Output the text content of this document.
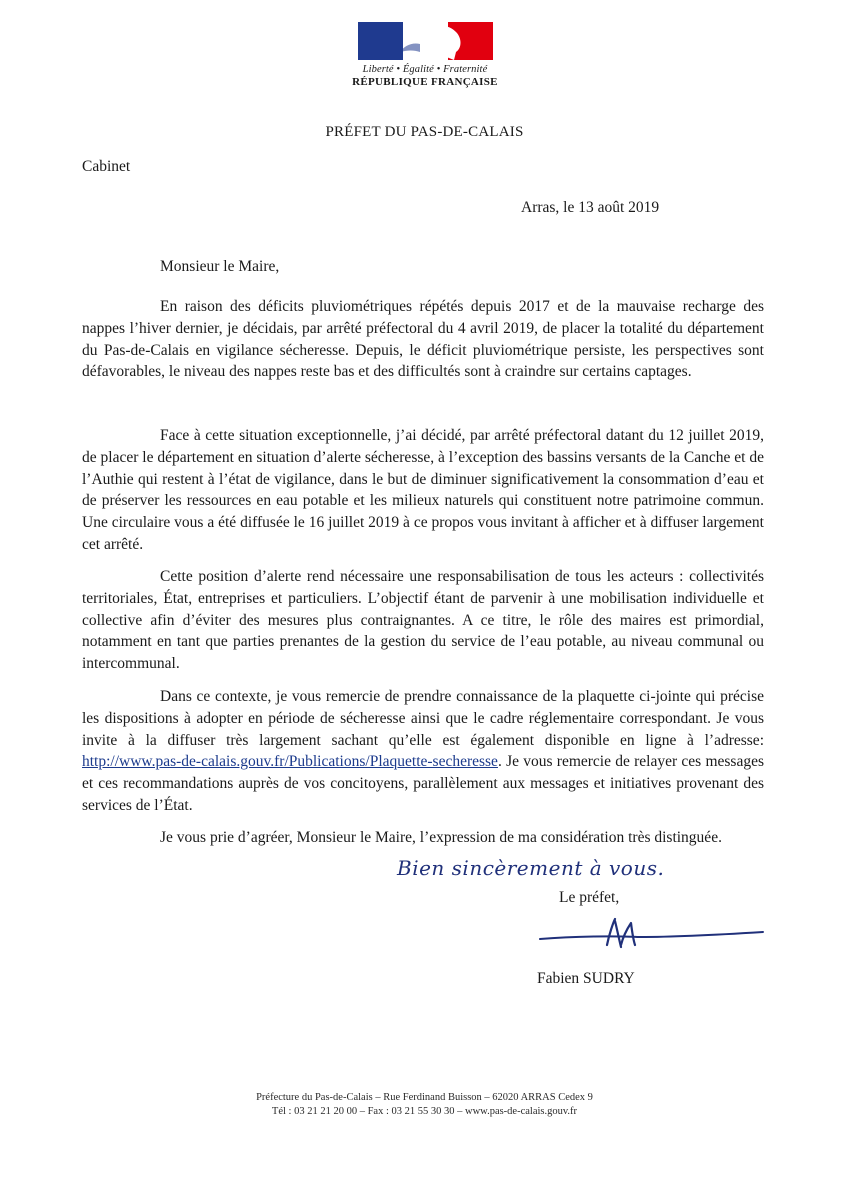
Liberté • Égalité • Fraternité
RÉPUBLIQUE FRANÇAISE
PRÉFET DU PAS-DE-CALAIS
Cabinet
Arras, le 13 août 2019
Monsieur le Maire,

En raison des déficits pluviométriques répétés depuis 2017 et de la mauvaise recharge des nappes l’hiver dernier, je décidais, par arrêté préfectoral du 4 avril 2019, de placer la totalité du département du Pas-de-Calais en vigilance sécheresse. Depuis, le déficit pluviométrique persiste, les perspectives sont défavorables, le niveau des nappes reste bas et des difficultés sont à craindre sur certains captages.

Face à cette situation exceptionnelle, j’ai décidé, par arrêté préfectoral datant du 12 juillet 2019, de placer le département en situation d’alerte sécheresse, à l’exception des bassins versants de la Canche et de l’Authie qui restent à l’état de vigilance, dans le but de diminuer significativement la consommation d’eau et de préserver les ressources en eau potable et les milieux naturels qui constituent notre patrimoine commun. Une circulaire vous a été diffusée le 16 juillet 2019 à ce propos vous invitant à afficher et à diffuser largement cet arrêté.

Cette position d’alerte rend nécessaire une responsabilisation de tous les acteurs : collectivités territoriales, État, entreprises et particuliers. L’objectif étant de parvenir à une mobilisation individuelle et collective afin d’éviter des mesures plus contraignantes. A ce titre, le rôle des maires est primordial, notamment en tant que parties prenantes de la gestion du service de l’eau potable, au niveau communal ou intercommunal.

Dans ce contexte, je vous remercie de prendre connaissance de la plaquette ci-jointe qui précise les dispositions à adopter en période de sécheresse ainsi que le cadre réglementaire correspondant. Je vous invite à la diffuser très largement sachant qu’elle est également disponible en ligne à l’adresse: http://www.pas-de-calais.gouv.fr/Publications/Plaquette-secheresse. Je vous remercie de relayer ces messages et ces recommandations auprès de vos concitoyens, parallèlement aux messages et initiatives provenant des services de l’État.

Je vous prie d’agréer, Monsieur le Maire, l’expression de ma considération très distinguée.

Bien sincèrement à vous.
Le préfet,
Fabien SUDRY
Préfecture du Pas-de-Calais – Rue Ferdinand Buisson – 62020 ARRAS Cedex 9
Tél : 03 21 21 20 00 – Fax : 03 21 55 30 30 – www.pas-de-calais.gouv.fr
